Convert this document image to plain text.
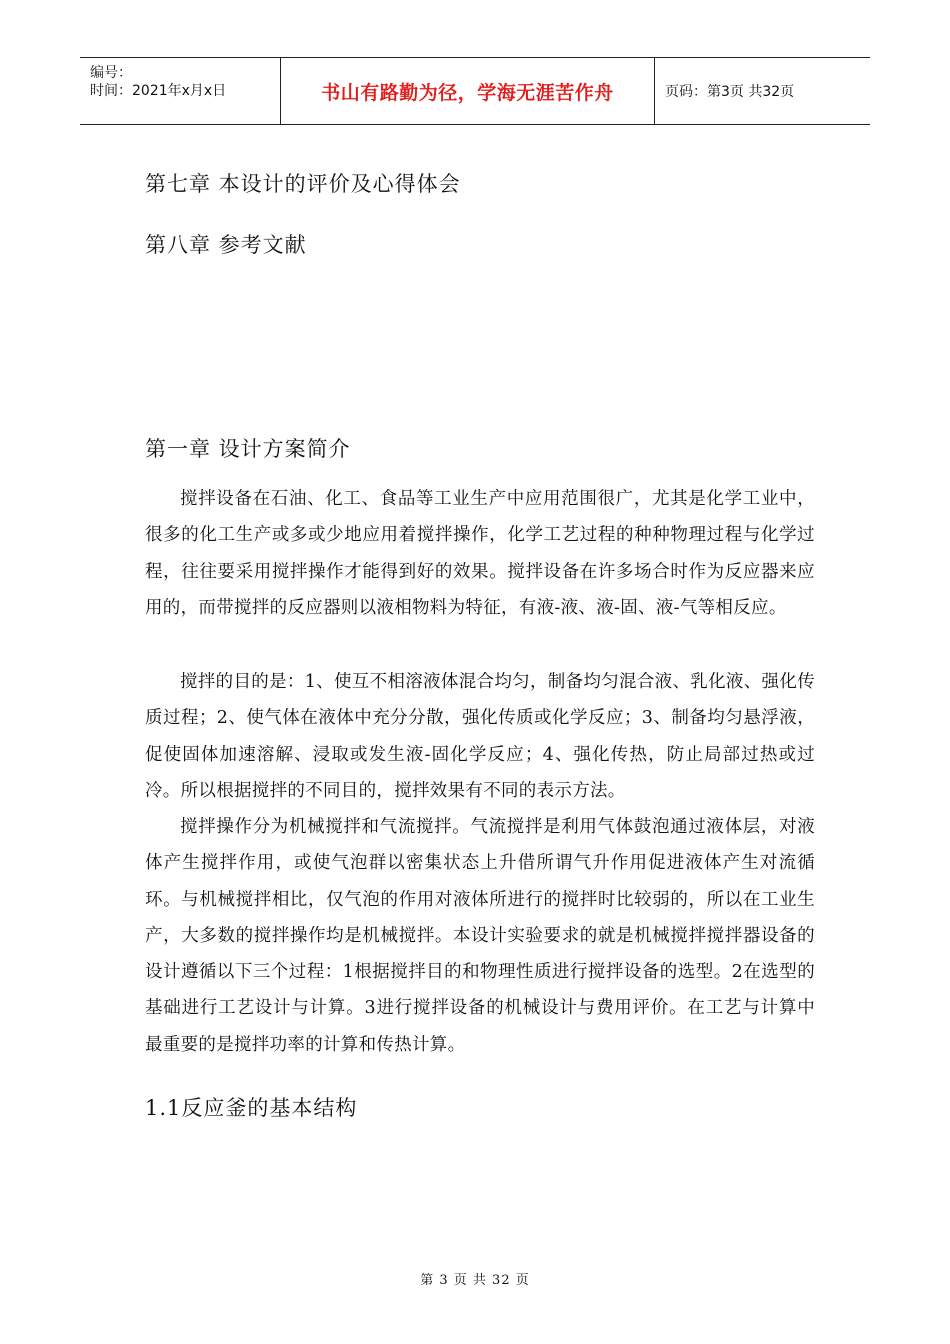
编号：
时间：2021年x月x日	书山有路勤为径，学海无涯苦作舟	页码：第3页 共32页
第七章 本设计的评价及心得体会
第八章 参考文献
第一章 设计方案简介
搅拌设备在石油、化工、食品等工业生产中应用范围很广，尤其是化学工业中，很多的化工生产或多或少地应用着搅拌操作，化学工艺过程的种种物理过程与化学过程，往往要采用搅拌操作才能得到好的效果。搅拌设备在许多场合时作为反应器来应用的，而带搅拌的反应器则以液相物料为特征，有液-液、液-固、液-气等相反应。
搅拌的目的是：1、使互不相溶液体混合均匀，制备均匀混合液、乳化液、强化传质过程；2、使气体在液体中充分分散，强化传质或化学反应；3、制备均匀悬浮液，促使固体加速溶解、浸取或发生液-固化学反应；4、强化传热，防止局部过热或过冷。所以根据搅拌的不同目的，搅拌效果有不同的表示方法。
搅拌操作分为机械搅拌和气流搅拌。气流搅拌是利用气体鼓泡通过液体层，对液体产生搅拌作用，或使气泡群以密集状态上升借所谓气升作用促进液体产生对流循环。与机械搅拌相比，仅气泡的作用对液体所进行的搅拌时比较弱的，所以在工业生产，大多数的搅拌操作均是机械搅拌。本设计实验要求的就是机械搅拌搅拌器设备的设计遵循以下三个过程：1根据搅拌目的和物理性质进行搅拌设备的选型。2在选型的基础进行工艺设计与计算。3进行搅拌设备的机械设计与费用评价。在工艺与计算中最重要的是搅拌功率的计算和传热计算。
1.1反应釜的基本结构
第 3 页 共 32 页
